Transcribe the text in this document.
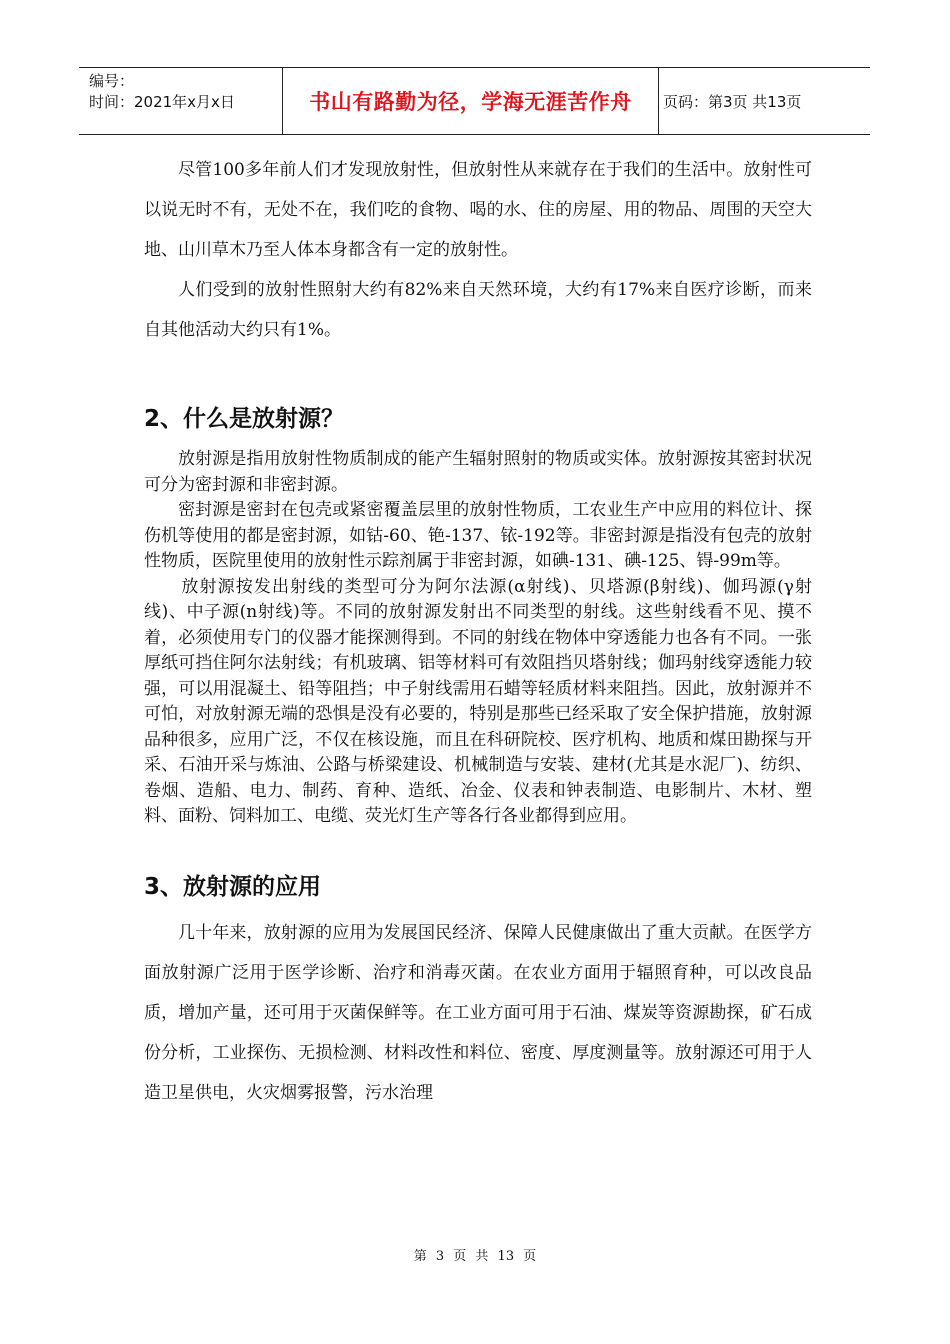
编号：
时间：2021年x月x日	书山有路勤为径，学海无涯苦作舟	页码：第3页 共13页

尽管100多年前人们才发现放射性，但放射性从来就存在于我们的生活中。放射性可以说无时不有，无处不在，我们吃的食物、喝的水、住的房屋、用的物品、周围的天空大地、山川草木乃至人体本身都含有一定的放射性。

人们受到的放射性照射大约有82%来自天然环境，大约有17%来自医疗诊断，而来自其他活动大约只有1%。

2、什么是放射源？

放射源是指用放射性物质制成的能产生辐射照射的物质或实体。放射源按其密封状况可分为密封源和非密封源。

密封源是密封在包壳或紧密覆盖层里的放射性物质，工农业生产中应用的料位计、探伤机等使用的都是密封源，如钴-60、铯-137、铱-192等。非密封源是指没有包壳的放射性物质，医院里使用的放射性示踪剂属于非密封源，如碘-131、碘-125、锝-99m等。

放射源按发出射线的类型可分为阿尔法源(α射线)、贝塔源(β射线)、伽玛源(γ射线)、中子源(n射线)等。不同的放射源发射出不同类型的射线。这些射线看不见、摸不着，必须使用专门的仪器才能探测得到。不同的射线在物体中穿透能力也各有不同。一张厚纸可挡住阿尔法射线；有机玻璃、铝等材料可有效阻挡贝塔射线；伽玛射线穿透能力较强，可以用混凝土、铅等阻挡；中子射线需用石蜡等轻质材料来阻挡。因此，放射源并不可怕，对放射源无端的恐惧是没有必要的，特别是那些已经采取了安全保护措施，放射源品种很多，应用广泛，不仅在核设施，而且在科研院校、医疗机构、地质和煤田勘探与开采、石油开采与炼油、公路与桥梁建设、机械制造与安装、建材(尤其是水泥厂)、纺织、卷烟、造船、电力、制药、育种、造纸、冶金、仪表和钟表制造、电影制片、木材、塑料、面粉、饲料加工、电缆、荧光灯生产等各行各业都得到应用。

3、放射源的应用

几十年来，放射源的应用为发展国民经济、保障人民健康做出了重大贡献。在医学方面放射源广泛用于医学诊断、治疗和消毒灭菌。在农业方面用于辐照育种，可以改良品质，增加产量，还可用于灭菌保鲜等。在工业方面可用于石油、煤炭等资源勘探，矿石成份分析，工业探伤、无损检测、材料改性和料位、密度、厚度测量等。放射源还可用于人造卫星供电，火灾烟雾报警，污水治理

第 3 页 共 13 页
